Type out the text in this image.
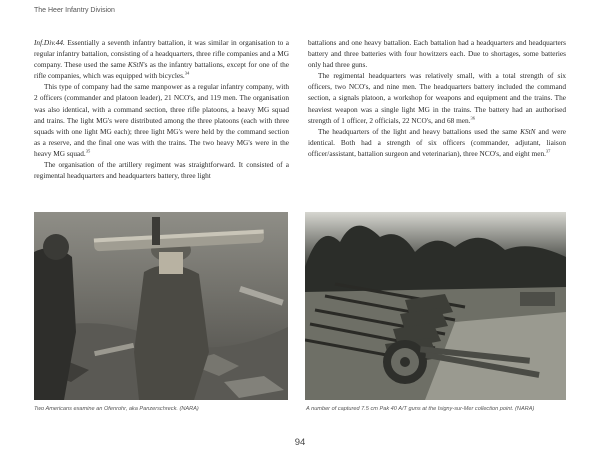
The Heer Infantry Division

Inf.Div.44. Essentially a seventh infantry battalion, it was similar in organisation to a regular infantry battalion, consisting of a headquarters, three rifle companies and a MG company. These used the same KStN's as the infantry battalions, except for one of the rifle companies, which was equipped with bicycles.$^{34}$

This type of company had the same manpower as a regular infantry company, with 2 officers (commander and platoon leader), 21 NCO's, and 119 men. The organisation was also identical, with a command section, three rifle platoons, a heavy MG squad and trains. The light MG's were distributed among the three platoons (each with three squads with one light MG each); three light MG's were held by the command section as a reserve, and the final one was with the trains. The two heavy MG's were in the heavy MG squad.$^{35}$

The organisation of the artillery regiment was straightforward. It consisted of a regimental headquarters and headquarters battery, three light

battalions and one heavy battalion. Each battalion had a headquarters and headquarters battery and three batteries with four howitzers each. Due to shortages, some batteries only had three guns.

The regimental headquarters was relatively small, with a total strength of six officers, two NCO's, and nine men. The headquarters battery included the command section, a signals platoon, a workshop for weapons and equipment and the trains. The heaviest weapon was a single light MG in the trains. The battery had an authorised strength of 1 officer, 2 officials, 22 NCO's, and 68 men.$^{36}$

The headquarters of the light and heavy battalions used the same KStN and were identical. Both had a strength of six officers (commander, adjutant, liaison officer/assistant, battalion surgeon and veterinarian), three NCO's, and eight men.$^{37}$

Two Americans examine an Ofenrohr, aka Panzerschreck. (NARA)	A number of captured 7.5 cm Pak 40 A/T guns at the Isigny-sur-Mer collection point. (NARA)
94
